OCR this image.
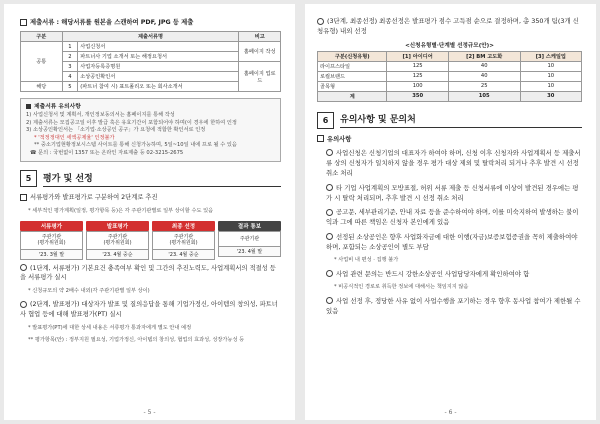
제출서류 : 해당서류를 원본을 스캔하여 PDF, JPG 등 제출

구분	제출서류명		비고
공통	1	사업신청서	홈페이지 작성
	2	파트너사 기업 소개서 또는 해정요청서	
	3	사업자등록증명원	홈페이지 업로드
	4	소상공인확인서	
해당	5	(파트너 참여 시) 표트폴리오 또는 회사소개서	

제출서류 유의사항

1) 사업신청서 및 계획서, 개인정보동의서는 홈페이지를 통해 작성

2) 제출서류는 모집공고일 이후 발급 혹은 유효기간이 포함되어야 하며(이 경우에 한하여 인정

3) 소상공인확인서는 「소기업·소상공인 공구」가 요청에 적합한 확인서로 인정

* '적정정대인 세액공제율' 인정불가

** 중소기업현황정보시스템 사이트를 통해 신청가능하며, 5일~10일 내에 프로 될 수 있음

☎ 문의 : 국번없이 1357 또는 온라인 자료제출 등 02-3215-2675

5	평가 및 선정

서류평가와 발표평가로 구분하여 2단계로 추진

* 세부적인 평가계획(일정, 평가항목 등)은 각 주관기관별로 일부 상이할 수도 있음

서류평가
주관기관
(평가위원회)
'23. 3월 말
발표평가
주관기관
(평가위원회)
'23. 4월 중순
최종 선정
주관기관
(평가위원회)
'23. 4월 중순
결과 통보
주관기관
'23. 4월 말

(1단계, 서류평가) 기본요건 충족여부 확인 및 그간의 추진노력도, 사업계획서의 적절성 등을 서류평가 실시

* 신청규모의 약 2배수 내외(각 주관기관별 일부 상이)

(2단계, 발표평가) 대상자가 발표 및 질의응답을 통해 기업가정신, 아이템의 창의성, 파트너사 협업 등에 대해 발표평가(PT) 실시

* 발표평가(PT)에 대한 상세 내용은 서류평가 통과자에게 별도 안내 예정

** 평가항목(안) : 정부지원 필요성, 기업가정신, 아이템의 창의성, 협업의 효과성, 성장가능성 등

- 5 -

(3단계, 최종선정) 최종선정은 발표평가 점수 고득점 순으로 결정하며, 총 350개 팀(3개 신청유형) 내외 선정

<신청유형별·단계별 선정규모(안)>
구분(신청유형)	[1] 아이디어	[2] BM 고도화	[3] 스케일업
라이프스타일	125	40	10
로컬브랜드	125	40	10
골목형	100	25	10
계	350	105	30
6	유의사항 및 문의처

유의사항

사업신청은 신청기업의 대표자가 하여야 하며, 신청 이후 신청자와 사업계획서 등 제출서류 상의 신청자가 일치하지 않을 경우 평가 대상 제외 및 탈락처리 되거나 추후 발견 시 선정 취소 처리

타 기업 사업계획의 모방표절, 허위 서류 제출 등 신청서류에 이상이 발견된 경우에는 평가 시 탈락 처리되며, 추후 발견 시 선정 취소 처리

공고문, 세부관리기준, 안내 자료 등을 준수하여야 하며, 이를 미숙지하여 발생하는 불이익과 그에 따른 책임은 신청자 본인에게 있음

선정된 소상공인은 향후 사업화자금에 대한 이행(자금)보증보험증권을 꼭히 제출하여야 하며, 포함되는 소상공인이 별도 부담

* 사업비 내 편성 · 집행 불가

사업 관련 문의는 반드시 강한소상공인 사업담당자에게 확인하여야 함

* 비공식적인 경로로 취득한 정보에 대해서는 책임지지 않음

사업 선정 후, 정당한 사유 없이 사업수행을 포기하는 경우 향후 동사업 참여가 제한될 수 있음

- 6 -
